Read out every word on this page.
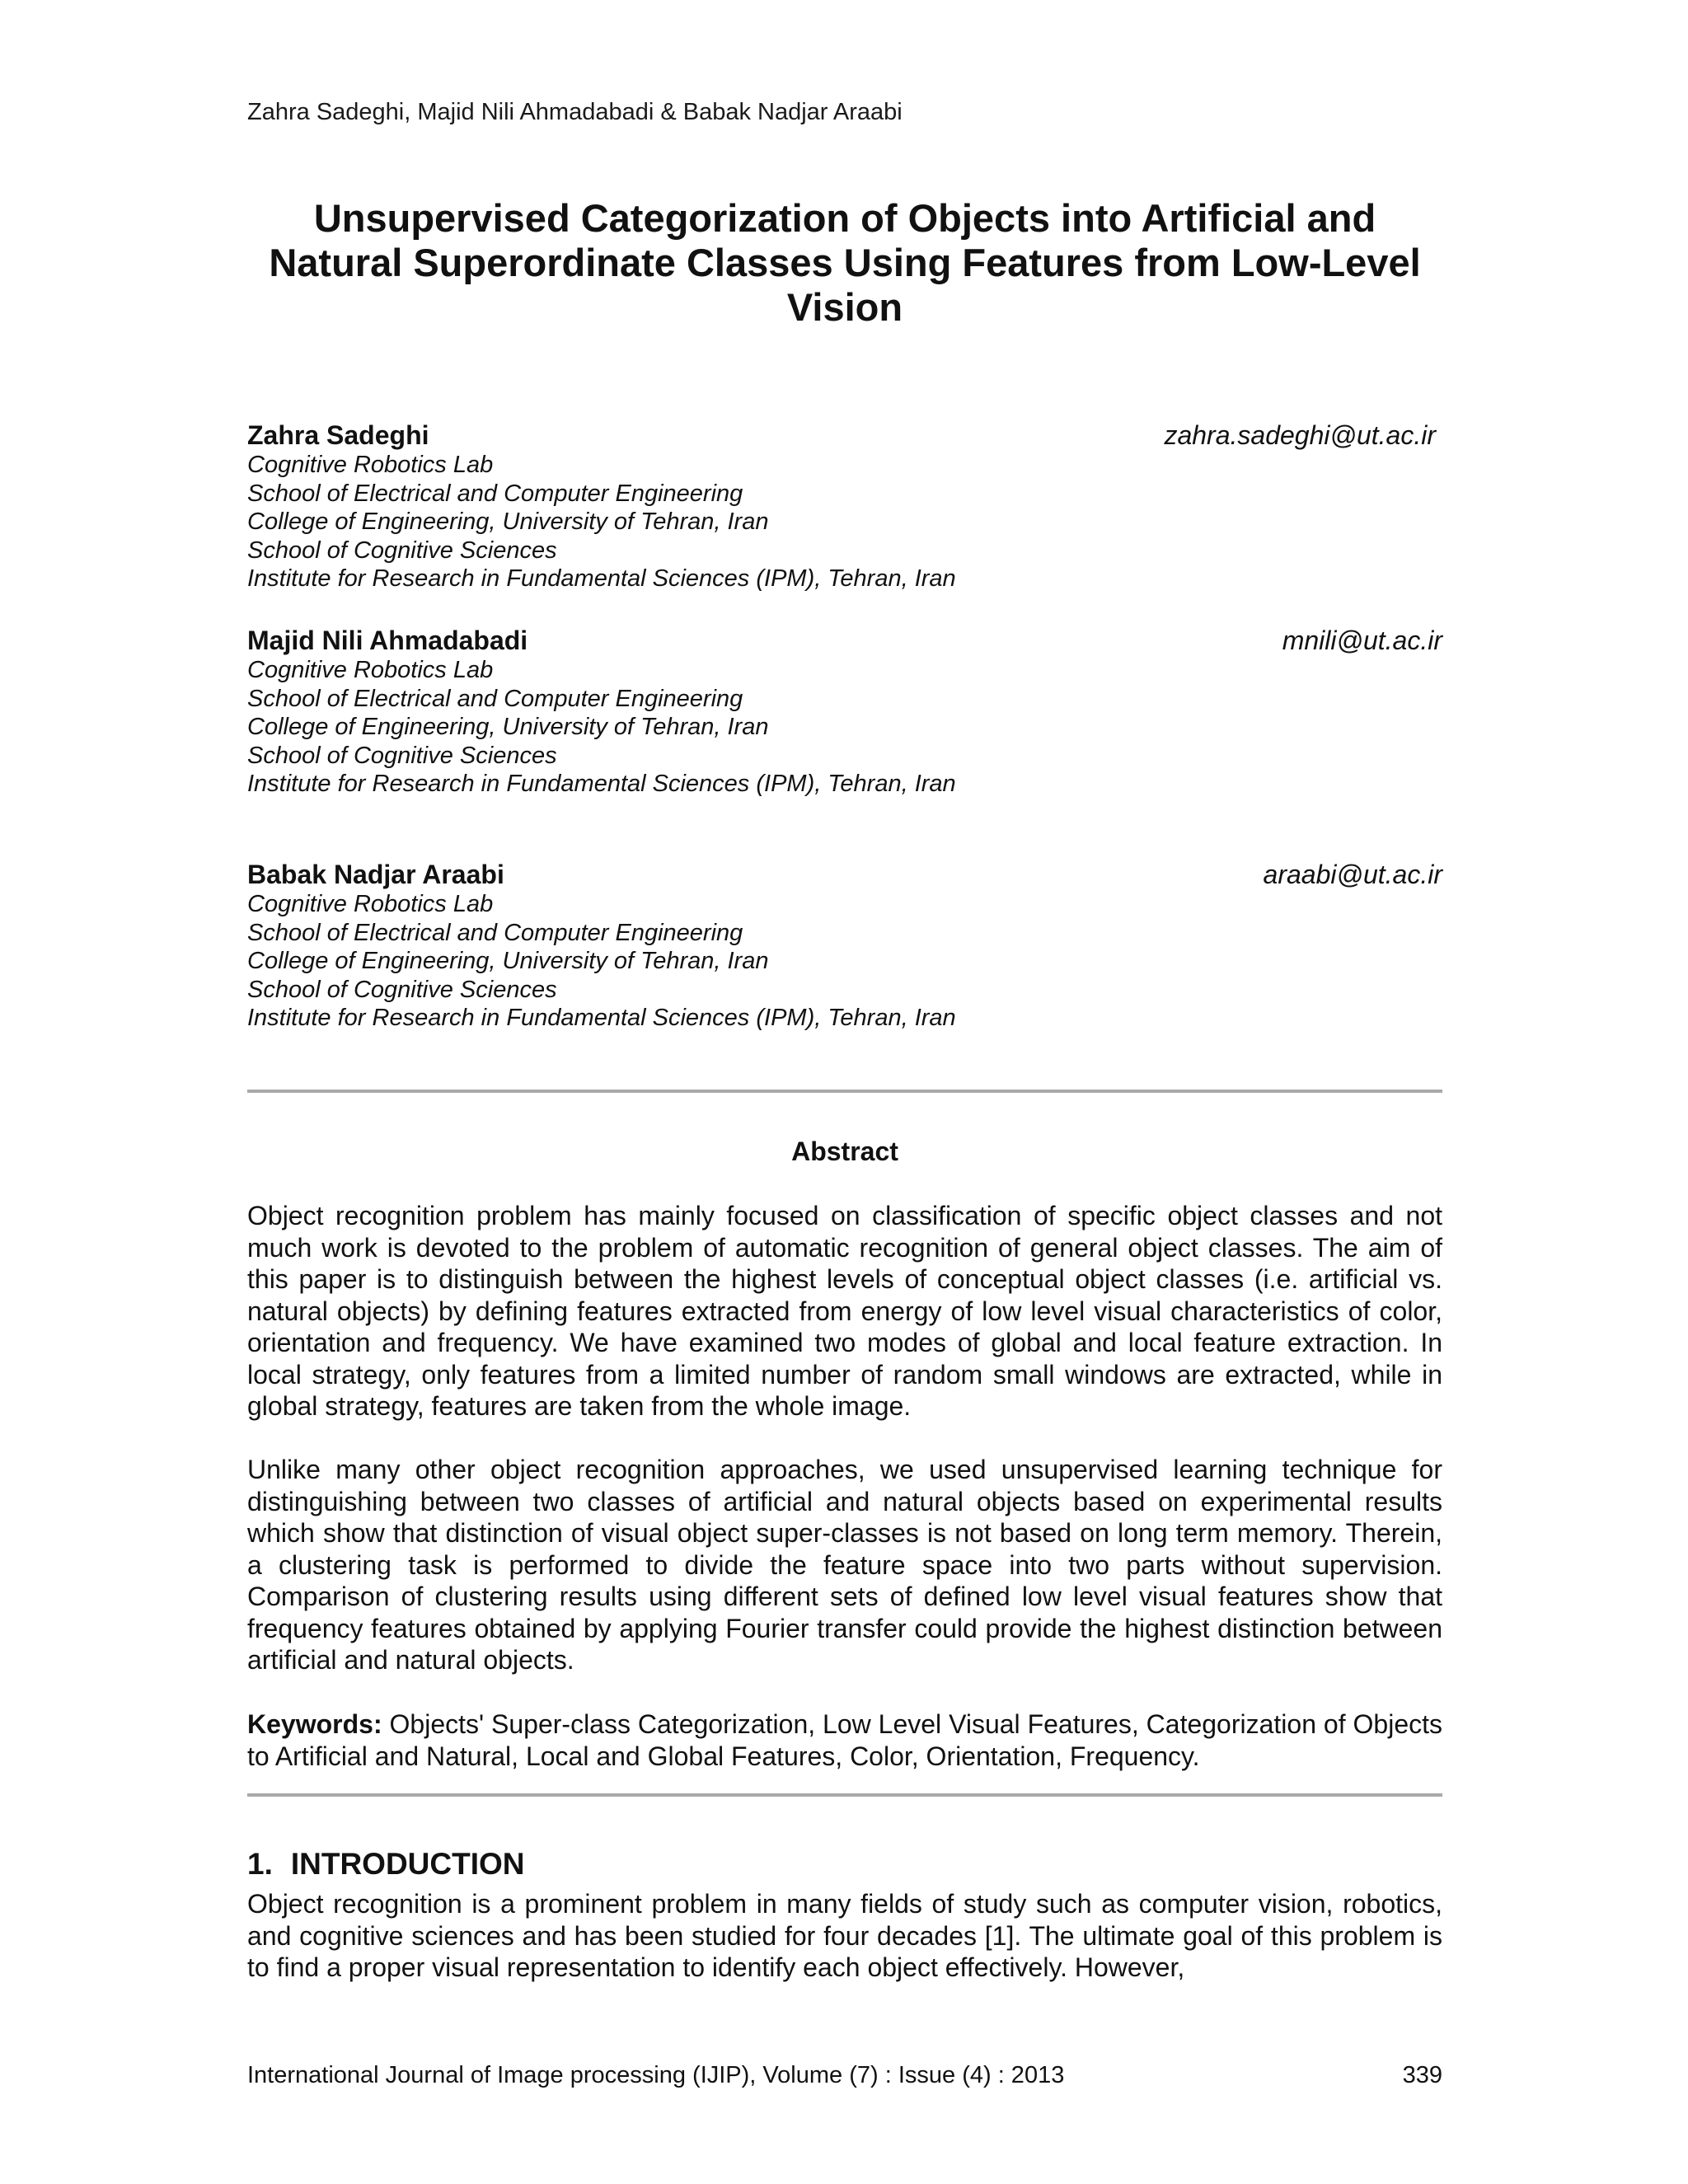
Zahra Sadeghi, Majid Nili Ahmadabadi & Babak Nadjar Araabi
Unsupervised Categorization of Objects into Artificial and
Natural Superordinate Classes Using Features from Low-Level
Vision
Zahra Sadeghi	zahra.sadeghi@ut.ac.ir
Cognitive Robotics Lab
School of Electrical and Computer Engineering
College of Engineering, University of Tehran, Iran
School of Cognitive Sciences
Institute for Research in Fundamental Sciences (IPM), Tehran, Iran
Majid Nili Ahmadabadi	mnili@ut.ac.ir
Cognitive Robotics Lab
School of Electrical and Computer Engineering
College of Engineering, University of Tehran, Iran
School of Cognitive Sciences
Institute for Research in Fundamental Sciences (IPM), Tehran, Iran
Babak Nadjar Araabi	araabi@ut.ac.ir
Cognitive Robotics Lab
School of Electrical and Computer Engineering
College of Engineering, University of Tehran, Iran
School of Cognitive Sciences
Institute for Research in Fundamental Sciences (IPM), Tehran, Iran
Abstract

Object recognition problem has mainly focused on classification of specific object classes and not much work is devoted to the problem of automatic recognition of general object classes. The aim of this paper is to distinguish between the highest levels of conceptual object classes (i.e. artificial vs. natural objects) by defining features extracted from energy of low level visual characteristics of color, orientation and frequency. We have examined two modes of global and local feature extraction. In local strategy, only features from a limited number of random small windows are extracted, while in global strategy, features are taken from the whole image.

Unlike many other object recognition approaches, we used unsupervised learning technique for distinguishing between two classes of artificial and natural objects based on experimental results which show that distinction of visual object super-classes is not based on long term memory. Therein, a clustering task is performed to divide the feature space into two parts without supervision. Comparison of clustering results using different sets of defined low level visual features show that frequency features obtained by applying Fourier transfer could provide the highest distinction between artificial and natural objects.

Keywords: Objects' Super-class Categorization, Low Level Visual Features, Categorization of Objects to Artificial and Natural, Local and Global Features, Color, Orientation, Frequency.

1. INTRODUCTION

Object recognition is a prominent problem in many fields of study such as computer vision, robotics, and cognitive sciences and has been studied for four decades [1]. The ultimate goal of this problem is to find a proper visual representation to identify each object effectively. However,

International Journal of Image processing (IJIP), Volume (7) : Issue (4) : 2013	339
